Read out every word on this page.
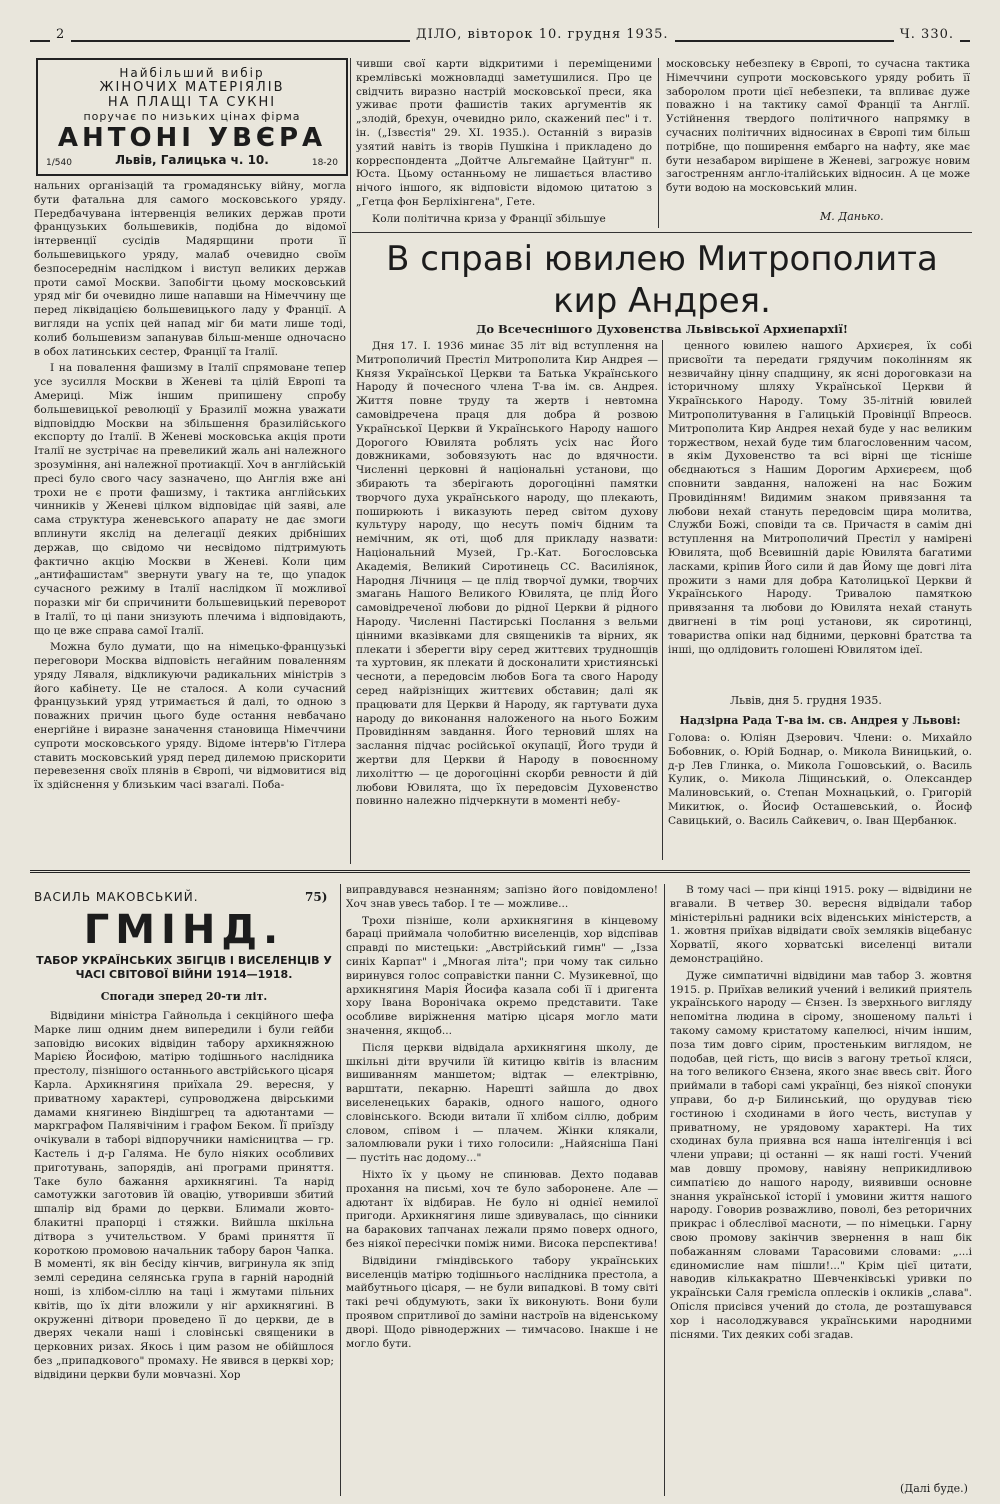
2	ДІЛО, вівторок 10. грудня 1935.	Ч. 330.
Найбільший вибір
ЖІНОЧИХ МАТЕРІЯЛІВ
НА ПЛАЩІ ТА СУКНІ
поручає по низьких цінах фірма
АНТОНІ УВЄРА
Львів, Галицька ч. 10.
1/540	18-20

нальних організацій та громадянську війну, могла бути фатальна для самого московського уряду. Передбачувана інтервенція великих держав проти французьких большевиків, подібна до відомої інтервенції сусідів Мадярщини проти її большевицького уряду, малаб очевидно своїм безпосереднім наслідком і виступ великих держав проти самої Москви. Запобігти цьому московський уряд міг би очевидно лише напавши на Німеччину ще перед ліквідацією большевицького ладу у Франції. А вигляди на успіх цей напад міг би мати лише тоді, колиб большевизм запанував більш-менше одночасно в обох латинських сестер, Франції та Італії.

І на повалення фашизму в Італії спрямоване тепер усе зусилля Москви в Женеві та цілій Европі та Америці. Між іншим припишену спробу большевицької революції у Бразилії можна уважати відповіддю Москви на збільшення бразилійського експорту до Італії. В Женеві московська акція проти Італії не зустрічає на превеликий жаль ані належного зрозуміння, ані належної протиакції. Хоч в англійській пресі було свого часу зазначено, що Англія вже ані трохи не є проти фашизму, і тактика англійських чинників у Женеві цілком відповідає цій заяві, але сама структура женевського апарату не дає змоги вплинути якслід на делегації деяких дрібніших держав, що свідомо чи несвідомо підтримують фактично акцію Москви в Женеві. Коли цим „антифашистам" звернути увагу на те, що упадок сучасного режиму в Італії наслідком її можливої поразки міг би спричинити большевицький переворот в Італії, то ці пани знизують плечима і відповідають, що це вже справа самої Італії.

Можна було думати, що на німецько-французькі переговори Москва відповість негайним поваленням уряду Ляваля, відкликуючи радикальних міністрів з його кабінету. Це не сталося. А коли сучасний французький уряд утримається й далі, то одною з поважних причин цього буде остання невбачано енергійне і виразне заначення становища Німеччини супроти московського уряду. Відоме інтерв'ю Гітлера ставить московський уряд перед дилемою прискорити перевезення своїх плянів в Європі, чи відмовитися від їх здійснення у близьким часі взагалі. Поба-

чивши свої карти відкритими і переміщеними кремлівські можновладці заметушилися. Про це свідчить виразно настрій московської преси, яка уживає проти фашистів таких аргументів як „злодій, брехун, очевидно рило, скажений пес" і т. ін. („Ізвєстія" 29. XI. 1935.). Останній з виразів узятий навіть із творів Пушкіна і прикладено до корреспондента „Дойтче Альгемайне Цайтунг" п. Юста. Цьому останньому не лишається властиво нічого іншого, як відповісти відомою цитатою з „Гетца фон Берліхінгена", Гете.

Коли політична криза у Франції збільшуе

московську небезпеку в Європі, то сучасна тактика Німеччини супроти московського уряду робить її заборолом проти цієї небезпеки, та впливає дуже поважно і на тактику самої Франції та Англії. Устійнення твердого політичного напрямку в сучасних політичних відносинах в Європі тим більш потрібне, що поширення ембарго на нафту, яке має бути незабаром вирішене в Женеві, загрожує новим загостренням англо-італійських відносин. А це може бути водою на московський млин.

М. Данько.
В справі ювилею Митрополита
кир Андрея.
До Всечеснішого Духовенства Львівської Архиепархії!

Дня 17. І. 1936 минає 35 літ від вступлення на Митрополичий Престіл Митрополита Кир Андрея — Князя Української Церкви та Батька Українського Народу й почесного члена Т-ва ім. св. Андрея. Життя повне труду та жертв і невтомна самовідречена праця для добра й розвою Української Церкви й Українського Народу нашого Дорогого Ювилята роблять усіх нас Його довжниками, зобовязують нас до вдячности. Численні церковні й національні установи, що збирають та зберігають дорогоцінні памятки творчого духа українського народу, що плекають, поширюють і виказують перед світом духову культуру народу, що несуть поміч бідним та немічним, як оті, щоб для прикладу назвати: Національний Музей, Гр.-Кат. Богословська Академія, Великий Сиротинець СС. Василіянок, Народня Лічниця — це плід творчої думки, творчих змагань Нашого Великого Ювилята, це плід Його самовідреченої любови до рідної Церкви й рідного Народу. Численні Пастирські Послання з вельми цінними вказівками для священиків та вірних, як плекати і зберегти віру серед життєвих трудношців та хуртовин, як плекати й досконалити християнські чесноти, а передовсім любов Бога та свого Народу серед найрізніщих життєвих обставин; далі як працювати для Церкви й Народу, як гартувати духа народу до виконання наложеного на нього Божим Провидінням завдання. Його терновий шлях на заслання підчас російської окупації, Його труди й жертви для Церкви й Народу в повоєнному лихоліттю — це дорогоцінні скорби ревности й дій любови Ювилята, що їх передовсім Духовенство повинно належно підчеркнути в моменті небу-

ценного ювилею нашого Архиєрея, їх собі присвоїти та передати грядучим поколінням як незвичайну цінну спадщину, як ясні дороговкази на історичному шляху Української Церкви й Українського Народу. Тому 35-літній ювилей Митрополитування в Галицькій Провінції Впреосв. Митрополита Кир Андрея нехай буде у нас великим торжеством, нехай буде тим благословенним часом, в якім Духовенство та всі вірні ще тісніше обєднаються з Нашим Дорогим Архиєреєм, щоб сповнити завдання, наложені на нас Божим Провидінням! Видимим знаком привязання та любови нехай стануть передовсім щира молитва, Служби Божі, сповіди та св. Причастя в самім дні вступлення на Митрополичий Престіл у намірені Ювилята, щоб Всевишній даріє Ювилята багатими ласками, кріпив Його сили й дав Йому ще довгі літа прожити з нами для добра Католицької Церкви й Українського Народу. Тривалою памяткою привязання та любови до Ювилята нехай стануть двигнені в тім році установи, як сиротинці, товариства опіки над бідними, церковні братства та інші, що одлідовить голошені Ювилятом ідеї.

Львів, дня 5. грудня 1935.
Надзірна Рада Т-ва ім. св. Андрея у Львові:

Голова: о. Юліян Дзерович. Члени: о. Михайло Бобовник, о. Юрій Боднар, о. Микола Виницький, о. д-р Лев Глинка, о. Микола Гошовський, о. Василь Кулик, о. Микола Ліщинський, о. Олександер Малиновський, о. Степан Мохнацький, о. Григорій Микитюк, о. Йосиф Осташевський, о. Йосиф Савицький, о. Василь Сайкевич, о. Іван Щербанюк.

ВАСИЛЬ МАКОВСЬКИЙ.	75)
ГМІНД.
ТАБОР УКРАЇНСЬКИХ ЗБІГЦІВ І ВИСЕЛЕНЦІВ У ЧАСІ СВІТОВОЇ ВІЙНИ 1914—1918.
Спогади зперед 20-ти літ.

Відвідини міністра Гайнольда і секційного шефа Марке лиш одним днем випередили і були гейби заповідю високих відвідин табору архикняжною Марією Йосифою, матірю тодішнього наслідника престолу, пізнішого останнього австрійського цісаря Карла. Архикнягиня приїхала 29. вересня, у приватному характері, супроводжена двірськими дамами княгинею Віндішгрец та адютантами — маркграфом Палявічіним і графом Беком. Її приїзду очікували в таборі відпоручники намісництва — гр. Кастель і д-р Галяма. Не було ніяких особливих приготувань, запорядів, ані програми приняття. Таке було бажання архикнягині. Та нарід самотужки заготовив їй овацію, утворивши збитий шпалір від брами до церкви. Блимали жовто-блакитні прапорці і стяжки. Вийшла шкільна дітвора з учительством. У брамі приняття її короткою промовою начальник табору барон Чапка. В моменті, як він бесіду кінчив, вигринула як зпід землі середина селянська група в гарній народній ноші, із хлібом-сіллю на таці і жмутами пільних квітів, що їх діти вложили у ніг архикнягині. В окруженні дітвори проведено її до церкви, де в дверях чекали наші і словінські священики в церковних ризах. Якось і цим разом не обійшлося без „припадкового" промаху. Не явився в церкві хор; відвідини церкви були мовчазні. Хор

виправдувався незнанням; запізно його повідомлено! Хоч знав увесь табор. І те — можливе...

Трохи пізніше, коли архикнягиня в кінцевому бараці приймала чолобитню виселенців, хор відспівав справді по мистецьки: „Австрійський гимн" — „Ізза синіх Карпат" і „Многая літа"; при чому так сильно виринувся голос соправістки панни С. Музикевної, що архикнягиня Марія Йосифа казала собі її і дригента хору Івана Воронічака окремо представити. Таке особливе виріжнення матірю цісаря могло мати значення, якщоб...

Після церкви відвідала архикнягиня школу, де шкільні діти вручили їй китицю квітів із власним вишиванням маншетом; відтак — електрівню, варштати, пекарню. Нарешті зайшла до двох виселенецьких бараків, одного нашого, одного словінського. Всюди витали її хлібом сіллю, добрим словом, співом і — плачем. Жінки клякали, заломлювали руки і тихо голосили: „Найясніша Пані — пустіть нас додому..."

Ніхто їх у цьому не спинював. Дехто подавав прохання на письмі, хоч те було заборонене. Але — адютант їх відбирав. Не було ні однієї немилої пригоди. Архикнягиня лише здивувалась, що сінники на баракових тапчанах лежали прямо поверх одного, без ніякої пересічки поміж ними. Висока перспектива!

Відвідини гміндівського табору українських виселенців матірю тодішнього наслідника престола, а майбутнього цісаря, — не були випадкові. В тому світі такі речі обдумують, заки їх виконують. Вони були проявом спритливої до заміни настроїв на віденському дворі. Щодо рівнодержних — тимчасово. Інакше і не могло бути.

В тому часі — при кінці 1915. року — відвідини не вгавали. В четвер 30. вересня відвідали табор міністерільні радники всіх віденських міністерств, а 1. жовтня приїхав відвідати своїх земляків віцебанус Хорватії, якого хорватські виселенці витали демонстраційно.

Дуже симпатичні відвідини мав табор 3. жовтня 1915. р. Приїхав великий учений і великий приятель українського народу — Єнзен. Із зверхнього вигляду непомітна людина в сірому, зношеному пальті і такому самому кристатому капелюсі, нічим іншим, поза тим довго сірим, простеньким виглядом, не подобав, цей гість, що висів з вагону третьої кляси, на того великого Єнзена, якого знає ввесь світ. Його приймали в таборі самі українці, без ніякої спонуки управи, бо д-р Билинський, що орудував тією гостиною і сходинами в його честь, виступав у приватному, не урядовому характері. На тих сходинах була приявна вся наша інтелігенція і всі члени управи; ці останні — як наші гості. Учений мав довшу промову, навіяну неприкидливою симпатією до нашого народу, виявивши основне знання української історії і умовини життя нашого народу. Говорив розважливо, поволі, без реторичних прикрас і облеслівої масноти, — по німецьки. Гарну свою промову закінчив звернення в наш бік побажанням словами Тарасовими словами: „...і єдиномислие нам пішли!..." Крім цієї цитати, наводив кількакратно Шевченківські уривки по українськи Саля гремісла оплесків і окликів „слава". Опісля присівся учений до стола, де розташувався хор і насолоджувався українськими народними піснями. Тих деяких собі згадав.

(Далі буде.)
